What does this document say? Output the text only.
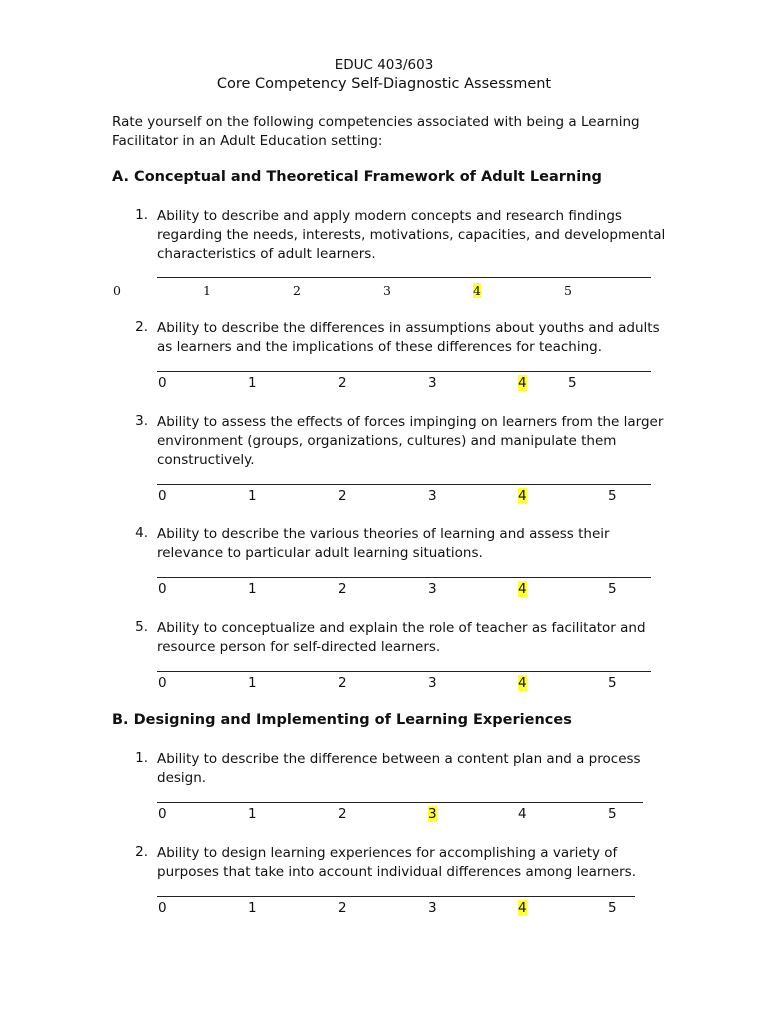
EDUC 403/603
Core Competency Self-Diagnostic Assessment
Rate yourself on the following competencies associated with being a Learning
Facilitator in an Adult Education setting:
A. Conceptual and Theoretical Framework of Adult Learning
1. Ability to describe and apply modern concepts and research findings
regarding the needs, interests, motivations, capacities, and developmental
characteristics of adult learners.
0	1	2	3	4	5
2. Ability to describe the differences in assumptions about youths and adults
as learners and the implications of these differences for teaching.
0	1	2	3	4	5
3. Ability to assess the effects of forces impinging on learners from the larger
environment (groups, organizations, cultures) and manipulate them
constructively.
0	1	2	3	4	5
4. Ability to describe the various theories of learning and assess their
relevance to particular adult learning situations.
0	1	2	3	4	5
5. Ability to conceptualize and explain the role of teacher as facilitator and
resource person for self-directed learners.
0	1	2	3	4	5
B. Designing and Implementing of Learning Experiences
1. Ability to describe the difference between a content plan and a process
design.
0	1	2	3	4	5
2. Ability to design learning experiences for accomplishing a variety of
purposes that take into account individual differences among learners.
0	1	2	3	4	5
